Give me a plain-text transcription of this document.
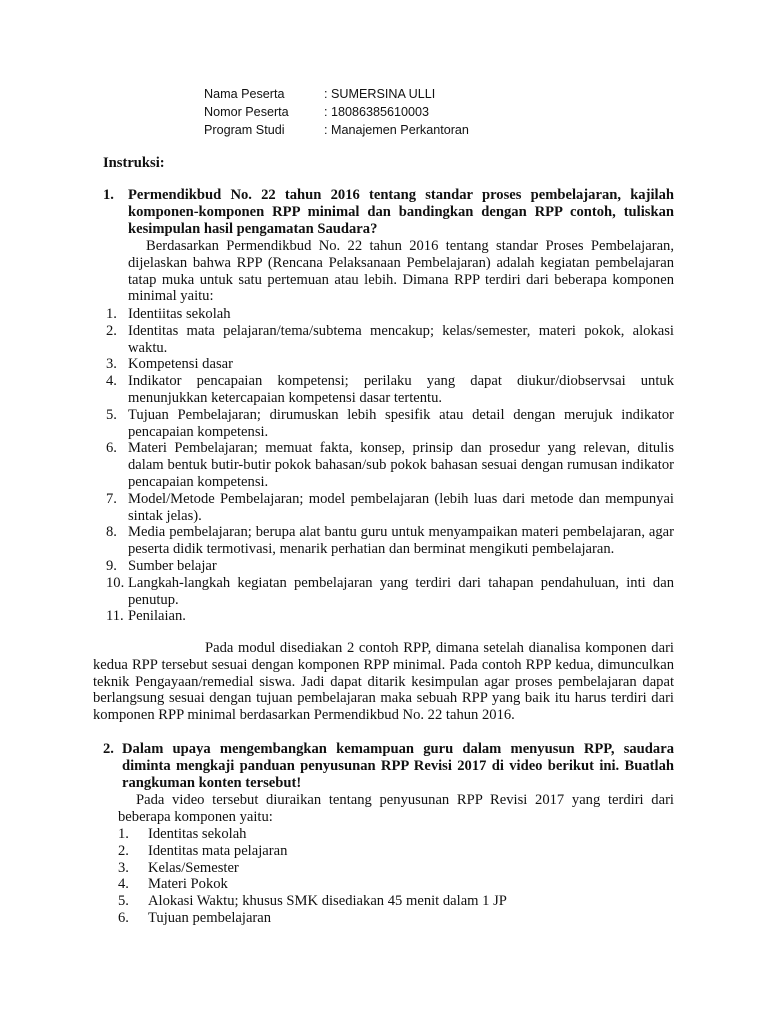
Nama Peserta	: SUMERSINA ULLI
Nomor Peserta	: 18086385610003
Program Studi	: Manajemen Perkantoran
Instruksi:
1. Permendikbud No. 22 tahun 2016 tentang standar proses pembelajaran, kajilah komponen-komponen RPP minimal dan bandingkan dengan RPP contoh, tuliskan kesimpulan hasil pengamatan Saudara?

Berdasarkan Permendikbud No. 22 tahun 2016 tentang standar Proses Pembelajaran, dijelaskan bahwa RPP (Rencana Pelaksanaan Pembelajaran) adalah kegiatan pembelajaran tatap muka untuk satu pertemuan atau lebih. Dimana RPP terdiri dari beberapa komponen minimal yaitu:

1. Identiitas sekolah
2. Identitas mata pelajaran/tema/subtema mencakup; kelas/semester, materi pokok, alokasi waktu.
3. Kompetensi dasar
4. Indikator pencapaian kompetensi; perilaku yang dapat diukur/diobservsai untuk menunjukkan ketercapaian kompetensi dasar tertentu.
5. Tujuan Pembelajaran; dirumuskan lebih spesifik atau detail dengan merujuk indikator pencapaian kompetensi.
6. Materi Pembelajaran; memuat fakta, konsep, prinsip dan prosedur yang relevan, ditulis dalam bentuk butir-butir pokok bahasan/sub pokok bahasan sesuai dengan rumusan indikator pencapaian kompetensi.
7. Model/Metode Pembelajaran; model pembelajaran (lebih luas dari metode dan mempunyai sintak jelas).
8. Media pembelajaran; berupa alat bantu guru untuk menyampaikan materi pembelajaran, agar peserta didik termotivasi, menarik perhatian dan berminat mengikuti pembelajaran.
9. Sumber belajar
10. Langkah-langkah kegiatan pembelajaran yang terdiri dari tahapan pendahuluan, inti dan penutup.
11. Penilaian.

Pada modul disediakan 2 contoh RPP, dimana setelah dianalisa komponen dari kedua RPP tersebut sesuai dengan komponen RPP minimal. Pada contoh RPP kedua, dimunculkan teknik Pengayaan/remedial siswa. Jadi dapat ditarik kesimpulan agar proses pembelajaran dapat berlangsung sesuai dengan tujuan pembelajaran maka sebuah RPP yang baik itu harus terdiri dari komponen RPP minimal berdasarkan Permendikbud No. 22 tahun 2016.

2. Dalam upaya mengembangkan kemampuan guru dalam menyusun RPP, saudara diminta mengkaji panduan penyusunan RPP Revisi 2017 di video berikut ini. Buatlah rangkuman konten tersebut!

Pada video tersebut diuraikan tentang penyusunan RPP Revisi 2017 yang terdiri dari beberapa komponen yaitu:

1. Identitas sekolah
2. Identitas mata pelajaran
3. Kelas/Semester
4. Materi Pokok
5. Alokasi Waktu; khusus SMK disediakan 45 menit dalam 1 JP
6. Tujuan pembelajaran
